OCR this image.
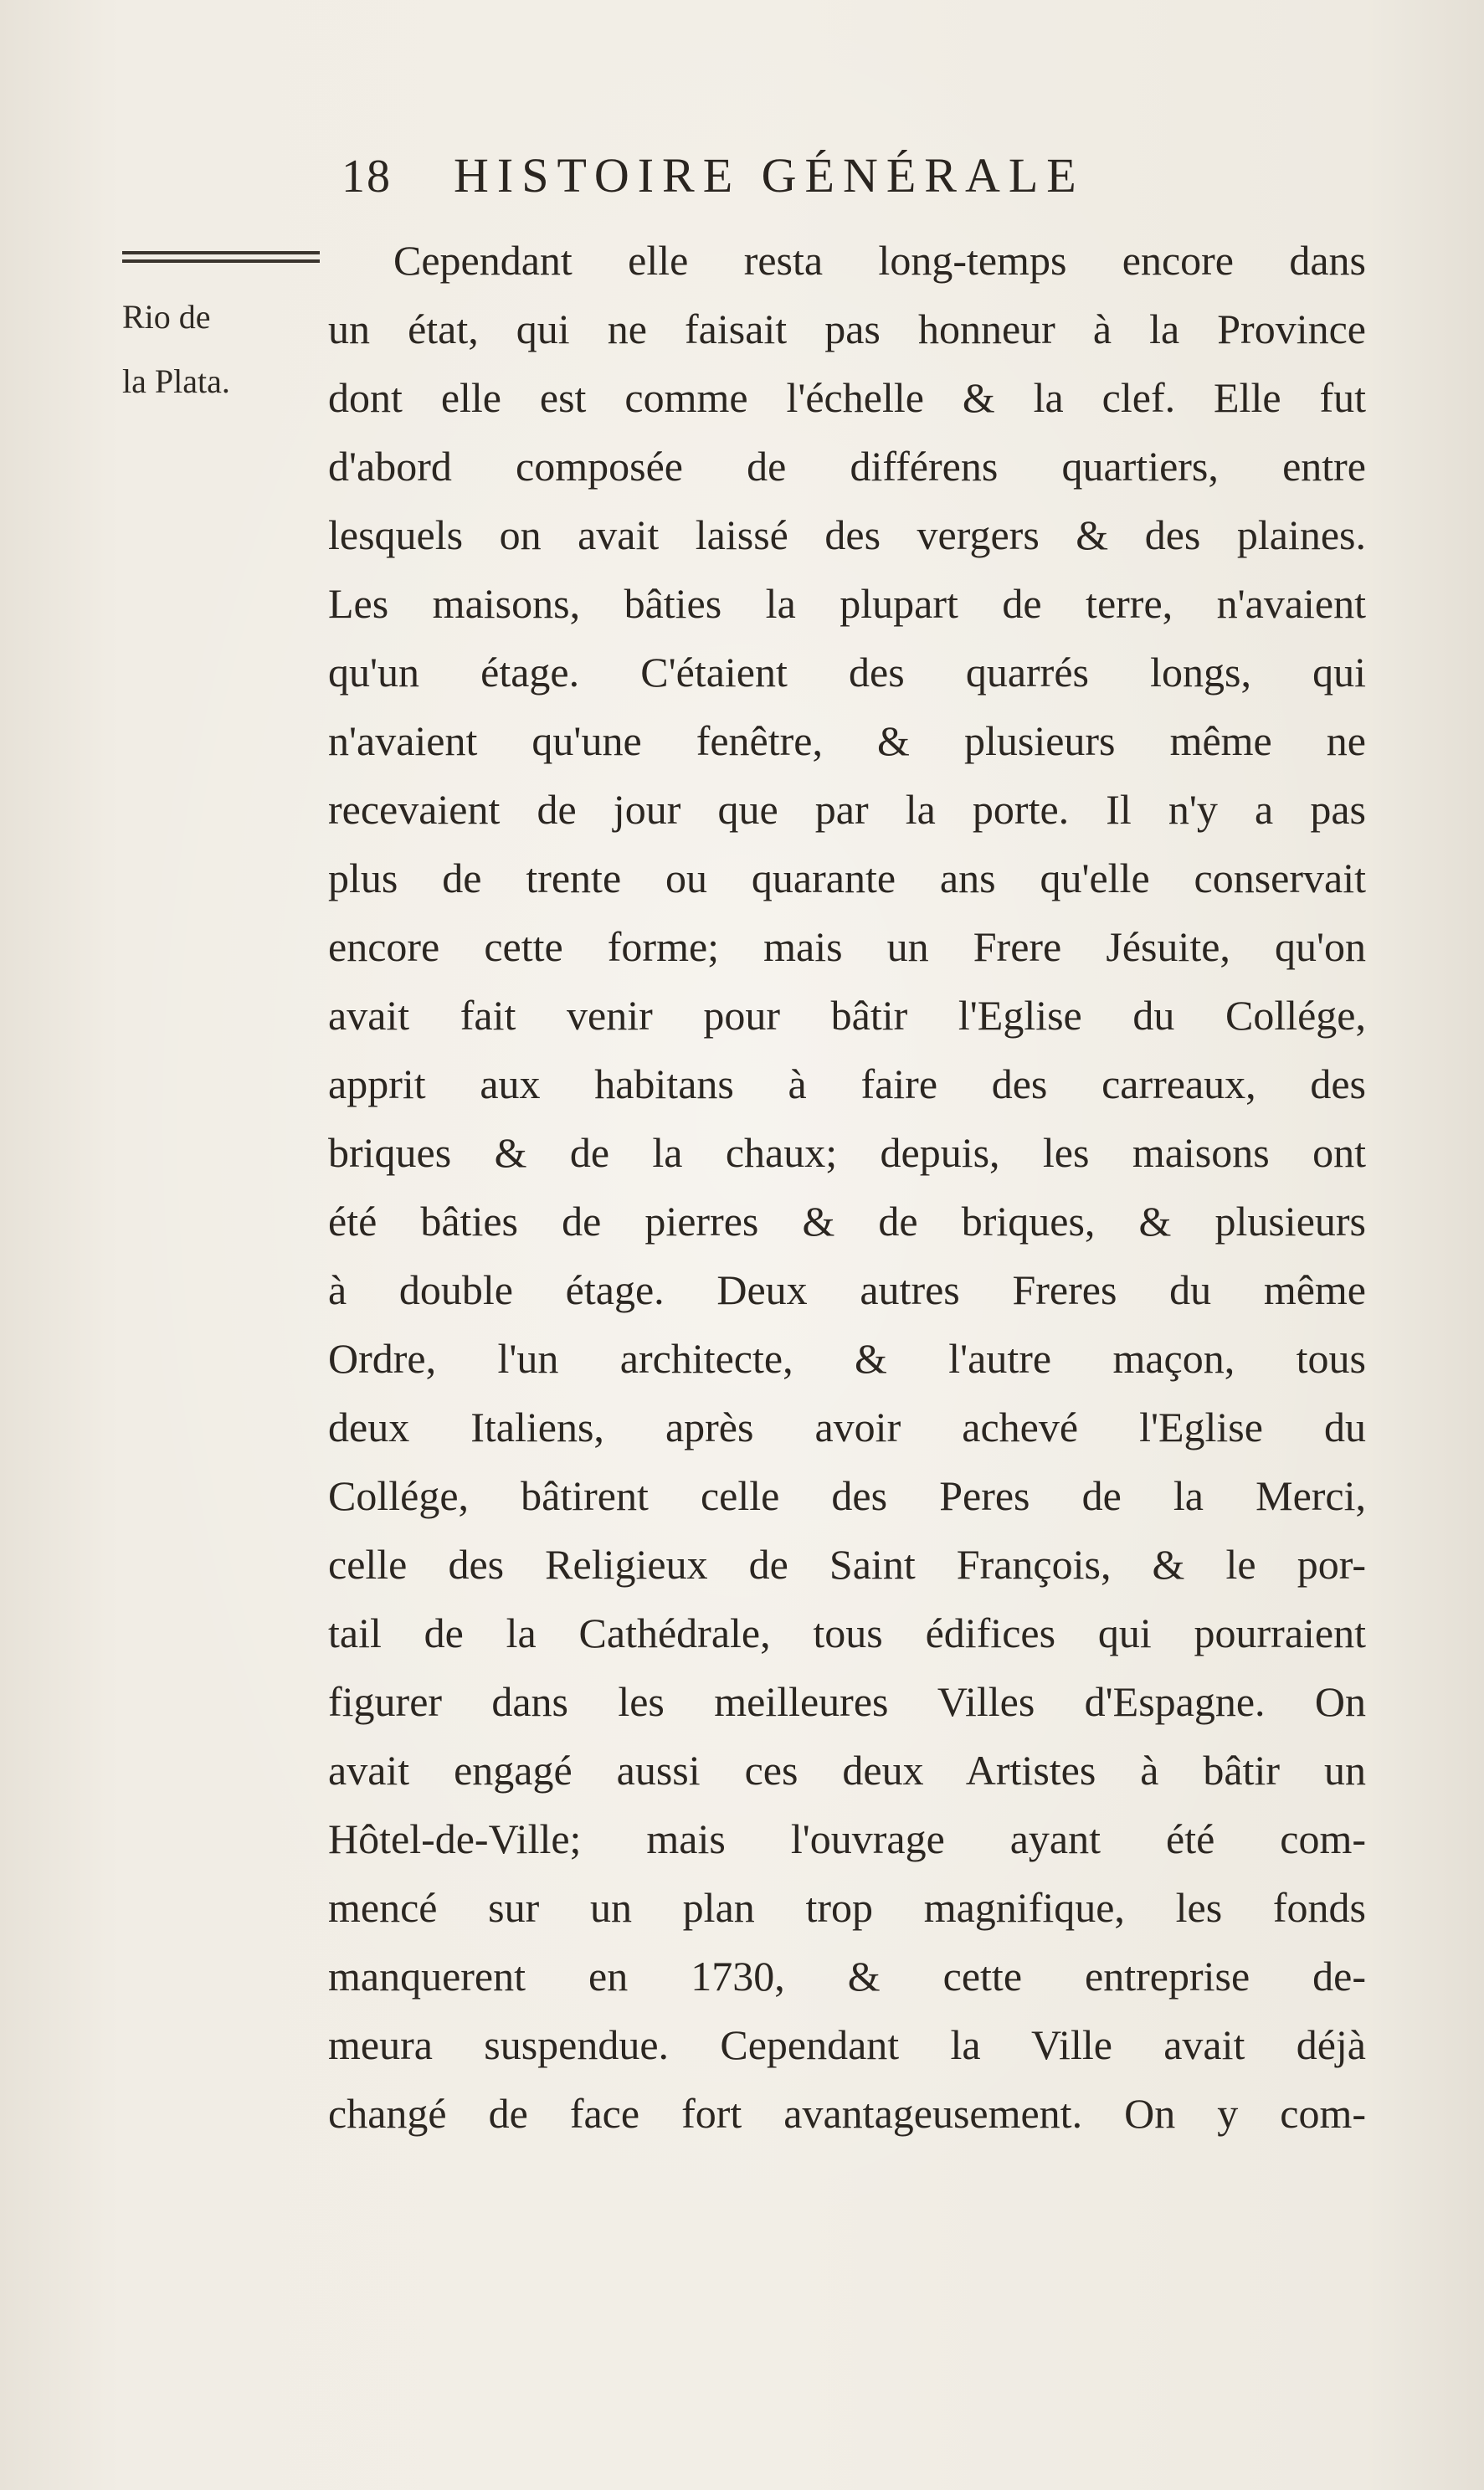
18 HISTOIRE GÉNÉRALE
Rio de
la Plata.
Cependant elle resta long-temps encore dans
un état, qui ne faisait pas honneur à la Province
dont elle est comme l'échelle & la clef. Elle fut
d'abord composée de différens quartiers, entre
lesquels on avait laissé des vergers & des plaines.
Les maisons, bâties la plupart de terre, n'avaient
qu'un étage. C'étaient des quarrés longs, qui
n'avaient qu'une fenêtre, & plusieurs même ne
recevaient de jour que par la porte. Il n'y a pas
plus de trente ou quarante ans qu'elle conservait
encore cette forme; mais un Frere Jésuite, qu'on
avait fait venir pour bâtir l'Eglise du Collége,
apprit aux habitans à faire des carreaux, des
briques & de la chaux; depuis, les maisons ont
été bâties de pierres & de briques, & plusieurs
à double étage. Deux autres Freres du même
Ordre, l'un architecte, & l'autre maçon, tous
deux Italiens, après avoir achevé l'Eglise du
Collége, bâtirent celle des Peres de la Merci,
celle des Religieux de Saint François, & le por-
tail de la Cathédrale, tous édifices qui pourraient
figurer dans les meilleures Villes d'Espagne. On
avait engagé aussi ces deux Artistes à bâtir un
Hôtel-de-Ville; mais l'ouvrage ayant été com-
mencé sur un plan trop magnifique, les fonds
manquerent en 1730, & cette entreprise de-
meura suspendue. Cependant la Ville avait déjà
changé de face fort avantageusement. On y com-
